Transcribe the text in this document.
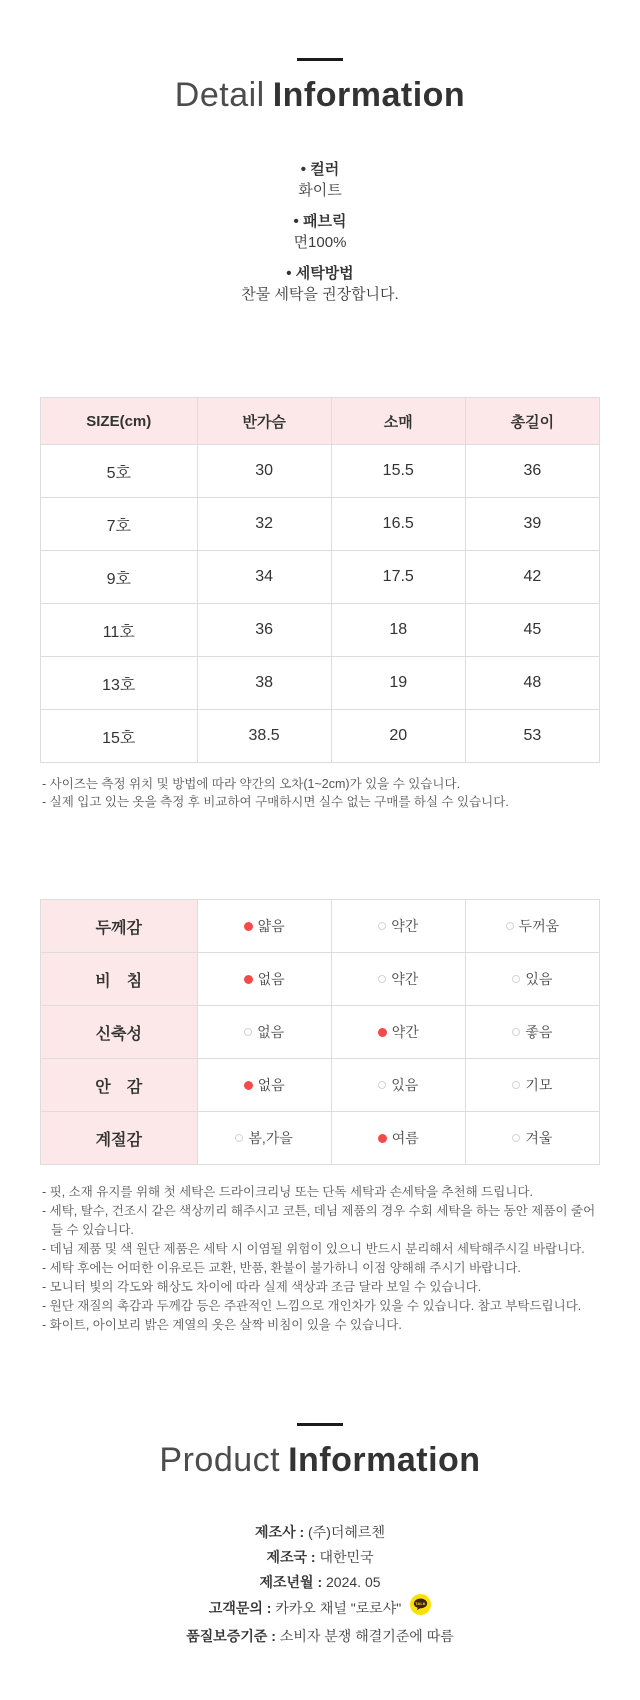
Detail Information
• 컬러
화이트
• 패브릭
면100%
• 세탁방법
찬물 세탁을 권장합니다.
SIZE(cm)	반가슴	소매	총길이
5호	30	15.5	36
7호	32	16.5	39
9호	34	17.5	42
11호	36	18	45
13호	38	19	48
15호	38.5	20	53
- 사이즈는 측정 위치 및 방법에 따라 약간의 오차(1~2cm)가 있을 수 있습니다.
- 실제 입고 있는 옷을 측정 후 비교하여 구매하시면 실수 없는 구매를 하실 수 있습니다.
두께감	얇음	약간	두꺼움

비　침	없음	약간	있음

신축성	없음	약간	좋음

안　감	없음	있음	기모

계절감	봄,가을	여름	겨울
- 핏, 소재 유지를 위해 첫 세탁은 드라이크리닝 또는 단독 세탁과 손세탁을 추천해 드립니다.
- 세탁, 탈수, 건조시 같은 색상끼리 해주시고 코튼, 데님 제품의 경우 수회 세탁을 하는 동안 제품이 줄어들 수 있습니다.
- 데님 제품 및 색 원단 제품은 세탁 시 이염될 위험이 있으니 반드시 분리해서 세탁해주시길 바랍니다.
- 세탁 후에는 어떠한 이유로든 교환, 반품, 환불이 불가하니 이점 양해해 주시기 바랍니다.
- 모니터 빛의 각도와 해상도 차이에 따라 실제 색상과 조금 달라 보일 수 있습니다.
- 원단 재질의 촉감과 두께감 등은 주관적인 느낌으로 개인차가 있을 수 있습니다. 참고 부탁드립니다.
- 화이트, 아이보리 밝은 계열의 옷은 살짝 비침이 있을 수 있습니다.
Product Information
제조사 : (주)더헤르첸
제조국 : 대한민국
제조년월 : 2024. 05
고객문의 : 카카오 채널 "로로샤"	TALK
품질보증기준 : 소비자 분쟁 해결기준에 따름
